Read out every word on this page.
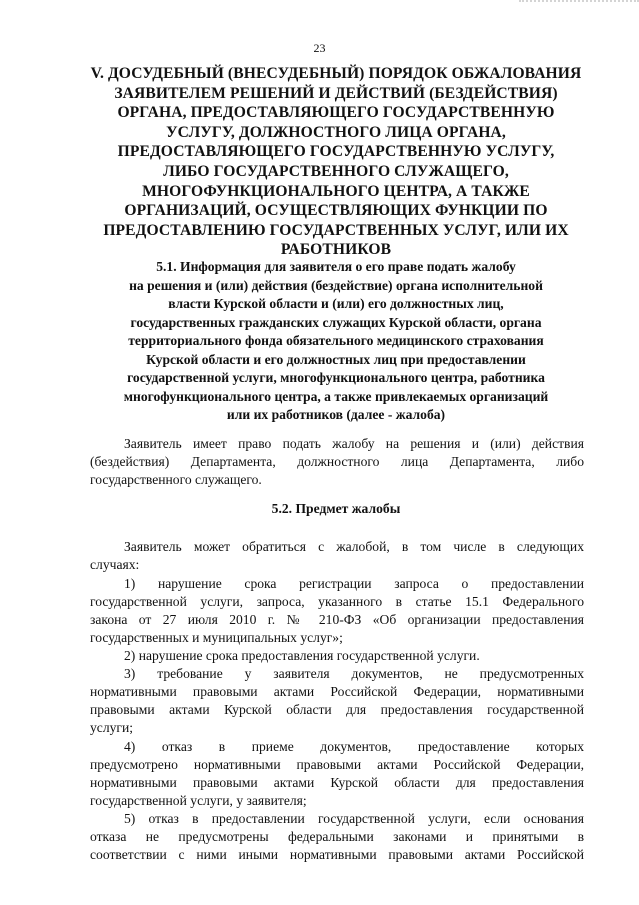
23
V. ДОСУДЕБНЫЙ (ВНЕСУДЕБНЫЙ) ПОРЯДОК ОБЖАЛОВАНИЯ
ЗАЯВИТЕЛЕМ РЕШЕНИЙ И ДЕЙСТВИЙ (БЕЗДЕЙСТВИЯ)
ОРГАНА, ПРЕДОСТАВЛЯЮЩЕГО ГОСУДАРСТВЕННУЮ
УСЛУГУ, ДОЛЖНОСТНОГО ЛИЦА ОРГАНА,
ПРЕДОСТАВЛЯЮЩЕГО ГОСУДАРСТВЕННУЮ УСЛУГУ,
ЛИБО ГОСУДАРСТВЕННОГО СЛУЖАЩЕГО,
МНОГОФУНКЦИОНАЛЬНОГО ЦЕНТРА, А ТАКЖЕ
ОРГАНИЗАЦИЙ, ОСУЩЕСТВЛЯЮЩИХ ФУНКЦИИ ПО
ПРЕДОСТАВЛЕНИЮ ГОСУДАРСТВЕННЫХ УСЛУГ, ИЛИ ИХ
РАБОТНИКОВ
5.1. Информация для заявителя о его праве подать жалобу
на решения и (или) действия (бездействие) органа исполнительной
власти Курской области и (или) его должностных лиц,
государственных гражданских служащих Курской области, органа
территориального фонда обязательного медицинского страхования
Курской области и его должностных лиц при предоставлении
государственной услуги, многофункционального центра, работника
многофункционального центра, а также привлекаемых организаций
или их работников (далее - жалоба)
Заявитель имеет право подать жалобу на решения и (или) действия
(бездействия) Департамента, должностного лица Департамента, либо
государственного служащего.
5.2. Предмет жалобы
Заявитель может обратиться с жалобой, в том числе в следующих
случаях:
1) нарушение срока регистрации запроса о предоставлении
государственной услуги, запроса, указанного в статье 15.1 Федерального
закона от 27 июля 2010 г. № 210-ФЗ «Об организации предоставления
государственных и муниципальных услуг»;
2) нарушение срока предоставления государственной услуги.
3) требование у заявителя документов, не предусмотренных
нормативными правовыми актами Российской Федерации, нормативными
правовыми актами Курской области для предоставления государственной
услуги;
4) отказ в приеме документов, предоставление которых
предусмотрено нормативными правовыми актами Российской Федерации,
нормативными правовыми актами Курской области для предоставления
государственной услуги, у заявителя;
5) отказ в предоставлении государственной услуги, если основания
отказа не предусмотрены федеральными законами и принятыми в
соответствии с ними иными нормативными правовыми актами Российской
